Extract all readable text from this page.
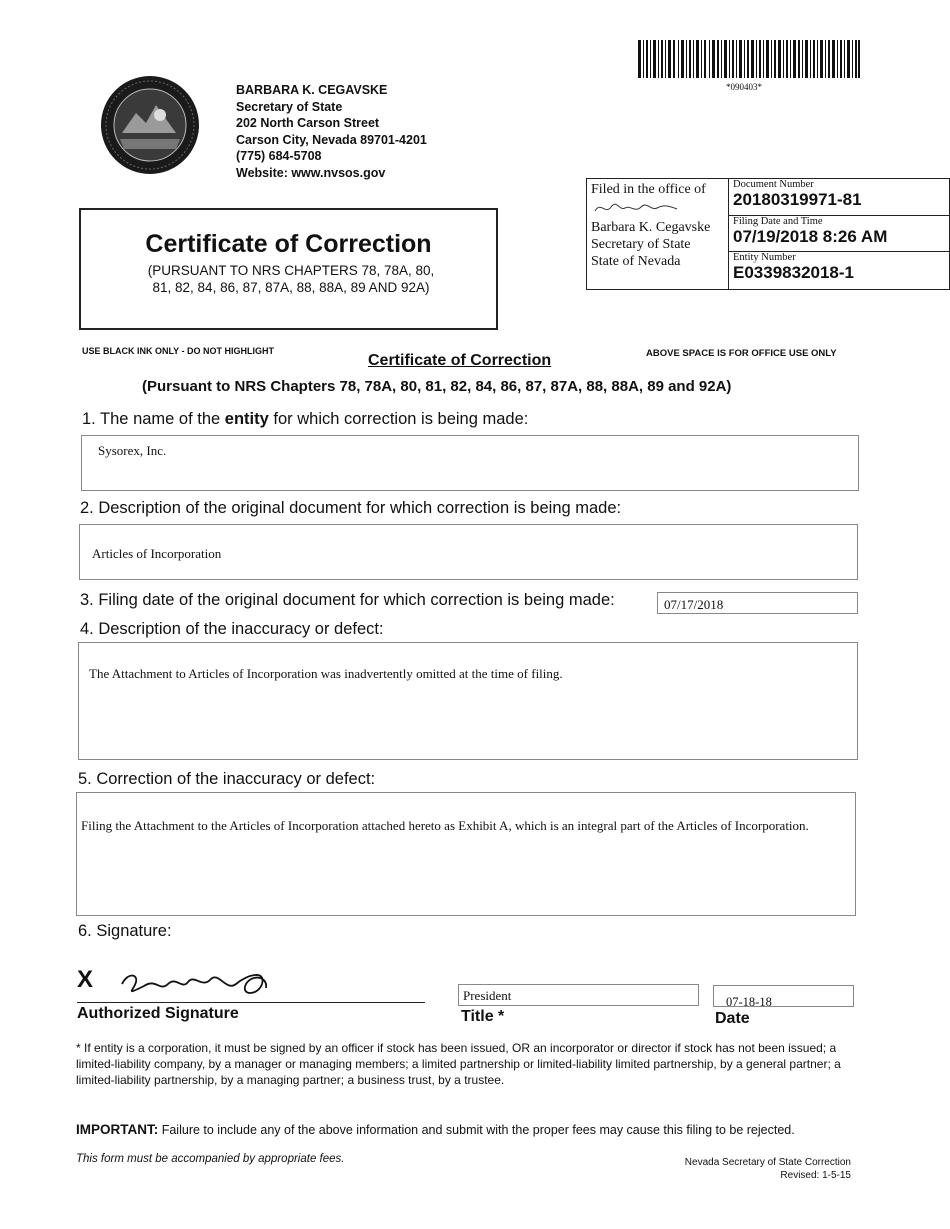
BARBARA K. CEGAVSKE
Secretary of State
202 North Carson Street
Carson City, Nevada 89701-4201
(775) 684-5708
Website: www.nvsos.gov
*090403*
Filed in the office of
Barbara K. Cegavske
Secretary of State
State of Nevada
Document Number
20180319971-81
Filing Date and Time
07/19/2018 8:26 AM
Entity Number
E0339832018-1
Certificate of Correction
(PURSUANT TO NRS CHAPTERS 78, 78A, 80, 81, 82, 84, 86, 87, 87A, 88, 88A, 89 AND 92A)
USE BLACK INK ONLY - DO NOT HIGHLIGHT	ABOVE SPACE IS FOR OFFICE USE ONLY
Certificate of Correction
(Pursuant to NRS Chapters 78, 78A, 80, 81, 82, 84, 86, 87, 87A, 88, 88A, 89 and 92A)
1. The name of the entity for which correction is being made:
Sysorex, Inc.
2. Description of the original document for which correction is being made:
Articles of Incorporation
3. Filing date of the original document for which correction is being made:	07/17/2018
4. Description of the inaccuracy or defect:
The Attachment to Articles of Incorporation was inadvertently omitted at the time of filing.
5. Correction of the inaccuracy or defect:
Filing the Attachment to the Articles of Incorporation attached hereto as Exhibit A, which is an integral part of the Articles of Incorporation.
6. Signature:
X
Authorized Signature
President
Title *
07-18-18
Date
* If entity is a corporation, it must be signed by an officer if stock has been issued, OR an incorporator or director if stock has not been issued; a limited-liability company, by a manager or managing members; a limited partnership or limited-liability limited partnership, by a general partner; a limited-liability partnership, by a managing partner; a business trust, by a trustee.
IMPORTANT: Failure to include any of the above information and submit with the proper fees may cause this filing to be rejected.
This form must be accompanied by appropriate fees.	Nevada Secretary of State Correction
Revised: 1-5-15
